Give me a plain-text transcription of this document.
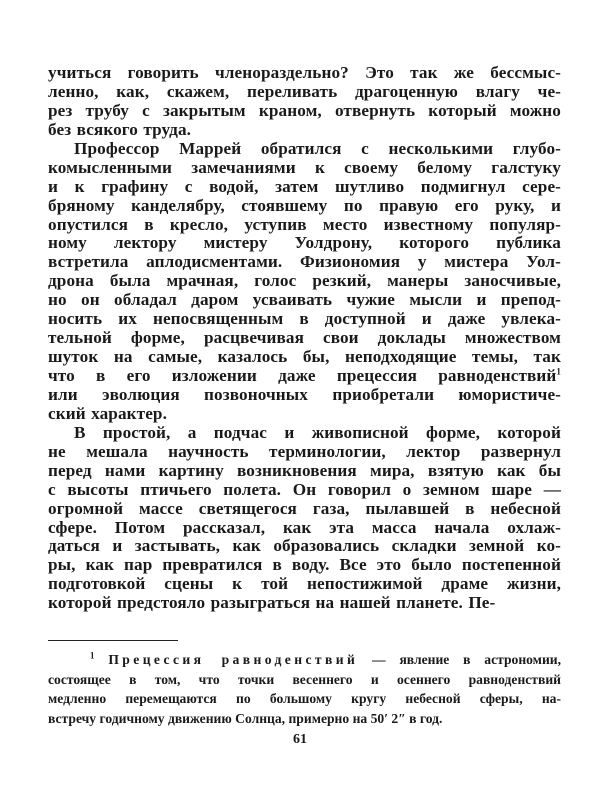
учиться говорить членораздельно? Это так же бессмыс-
ленно, как, скажем, переливать драгоценную влагу че-
рез трубу с закрытым краном, отвернуть который можно
без всякого труда.
Профессор Маррей обратился с несколькими глубо-
комысленными замечаниями к своему белому галстуку
и к графину с водой, затем шутливо подмигнул сере-
бряному канделябру, стоявшему по правую его руку, и
опустился в кресло, уступив место известному популяр-
ному лектору мистеру Уолдрону, которого публика
встретила аплодисментами. Физиономия у мистера Уол-
дрона была мрачная, голос резкий, манеры заносчивые,
но он обладал даром усваивать чужие мысли и препод-
носить их непосвященным в доступной и даже увлека-
тельной форме, расцвечивая свои доклады множеством
шуток на самые, казалось бы, неподходящие темы, так
что в его изложении даже прецессия равноденствий$^1$
или эволюция позвоночных приобретали юмористиче-
ский характер.
В простой, а подчас и живописной форме, которой
не мешала научность терминологии, лектор развернул
перед нами картину возникновения мира, взятую как бы
с высоты птичьего полета. Он говорил о земном шаре —
огромной массе светящегося газа, пылавшей в небесной
сфере. Потом рассказал, как эта масса начала охлаж-
даться и застывать, как образовались складки земной ко-
ры, как пар превратился в воду. Все это было постепенной
подготовкой сцены к той непостижимой драме жизни,
которой предстояло разыграться на нашей планете. Пе-
$^1$ Прецессия равноденствий — явление в астрономии,
состоящее в том, что точки весеннего и осеннего равноденствий
медленно перемещаются по большому кругу небесной сферы, на-
встречу годичному движению Солнца, примерно на 50′ 2″ в год.
61
